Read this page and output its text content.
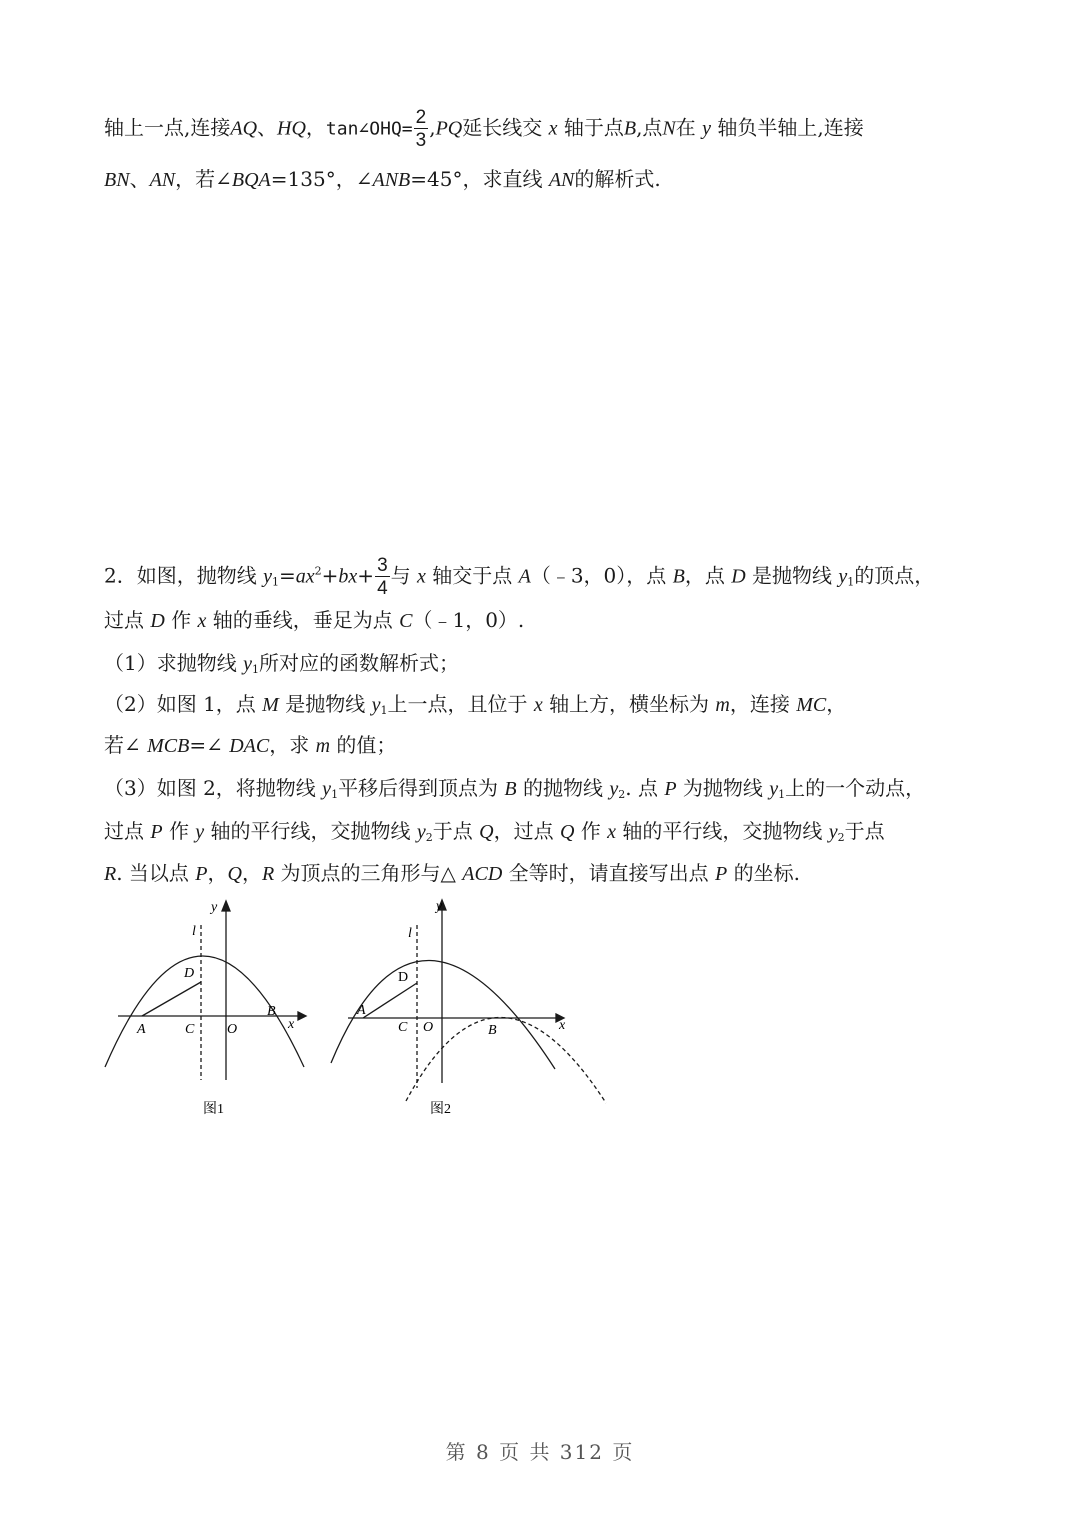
轴上一点,连接AQ、HQ，tan∠OHQ= $\frac{2}{3} ,PQ$延长线交 x 轴于点B,点N在 y 轴负半轴上,连接
BN、AN，若∠BQA=135°，∠ANB=45°，求直线 AN的解析式.
2．如图，抛物线 $y_1=ax^2+bx+ \frac{3}{4}$ 与 x 轴交于点 A（﹣3，0），点 B，点 D 是抛物线 $y_1$的顶点，
过点 D 作 x 轴的垂线，垂足为点 C（﹣1，0）.
（1）求抛物线 $y_1$所对应的函数解析式；
（2）如图 1，点 M 是抛物线 $y_1$上一点，且位于 x 轴上方，横坐标为 m，连接 MC，
若∠ MCB=∠ DAC，求 m 的值；
（3）如图 2，将抛物线 $y_1$平移后得到顶点为 B 的抛物线 $y_2$. 点 P 为抛物线 $y_1$上的一个动点，
过点 P 作 y 轴的平行线，交抛物线 $y_2$于点 Q，过点 Q 作 x 轴的平行线，交抛物线 $y_2$于点
R. 当以点 P，Q，R 为顶点的三角形与△ ACD 全等时，请直接写出点 P 的坐标.
y
x
l
D
A	C O
B
图1
y
x
l
D
A
C O	B
图2
第 8 页 共 312 页
